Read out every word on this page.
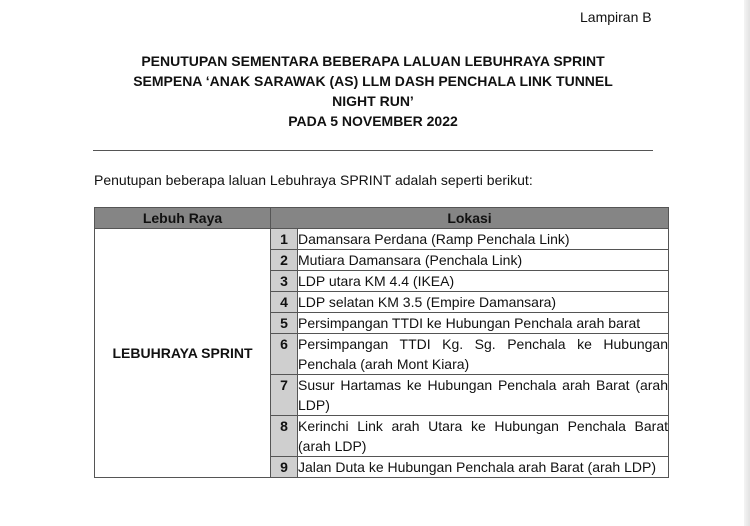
Lampiran B
PENUTUPAN SEMENTARA BEBERAPA LALUAN LEBUHRAYA SPRINT
SEMPENA ‘ANAK SARAWAK (AS) LLM DASH PENCHALA LINK TUNNEL
NIGHT RUN’
PADA 5 NOVEMBER 2022
Penutupan beberapa laluan Lebuhraya SPRINT adalah seperti berikut:
Lebuh Raya	Lokasi	
LEBUHRAYA SPRINT	1	Damansara Perdana (Ramp Penchala Link)
	2	Mutiara Damansara (Penchala Link)
	3	LDP utara KM 4.4 (IKEA)
	4	LDP selatan KM 3.5 (Empire Damansara)
	5	Persimpangan TTDI ke Hubungan Penchala arah barat
	6	Persimpangan TTDI Kg. Sg. Penchala ke Hubungan Penchala (arah Mont Kiara)
	7	Susur Hartamas ke Hubungan Penchala arah Barat (arah LDP)
	8	Kerinchi Link arah Utara ke Hubungan Penchala Barat (arah LDP)
	9	Jalan Duta ke Hubungan Penchala arah Barat (arah LDP)
